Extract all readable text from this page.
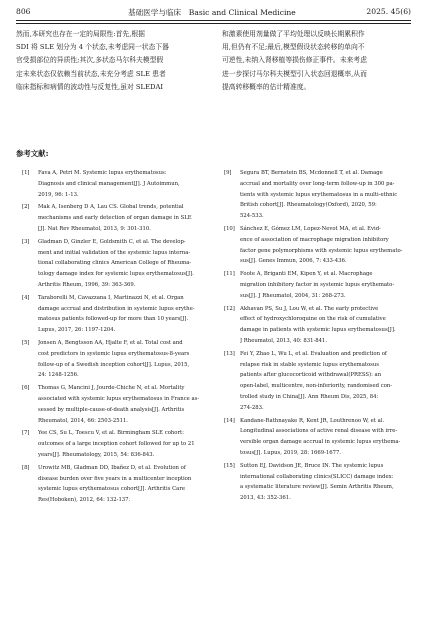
806	基础医学与临床　Basic and Clinical Medicine	2025. 45(6)
然而,本研究也存在一定的局限性:首先,根据
SDI 将 SLE 划分为 4 个状态,未考虑同一状态下器
官受损部位的异质性;其次,多状态马尔科夫模型假
定未来状态仅依赖当前状态,未充分考虑 SLE 患者
临床指标和病情的波动性与反复性,虽对 SLEDAI
和激素使用剂量做了平均处理以反映长期累积作
用,但仍有不足;最后,模型假设状态转移的单向不
可逆性,未纳入肾移植等损伤修正事件。未来考虑
进一步探讨马尔科夫模型引入状态回退概率,从而
提高转移概率的估计精准度。
参考文献:
[1] Fava A, Petri M. Systemic lupus erythematosus:
Diagnosis and clinical management[J]. J Autoimmun,
2019, 96: 1-13.
[2] Mak A, Isenberg D A, Lau CS. Global trends, potential
mechanisms and early detection of organ damage in SLE
[J]. Nat Rev Rheumatol, 2013, 9: 301-310.
[3] Gladman D, Ginzler E, Goldsmith C, et al. The develop-
ment and initial validation of the systemic lupus interna-
tional collaborating clinics American College of Rheuma-
tology damage index for systemic lupus erythematosus[J].
Arthritis Rheum, 1996, 39: 363-369.
[4] Taraborelli M, Cavazzana I, Martinazzi N, et al. Organ
damage accrual and distribution in systemic lupus erythe-
matosus patients followed-up for more than 10 years[J].
Lupus, 2017, 26: 1197-1204.
[5] Jonsen A, Bengtsson AA, Hjalte F, et al. Total cost and
cost predictors in systemic lupus erythematosus-8-years
follow-up of a Swedish inception cohort[J]. Lupus, 2015,
24: 1248-1256.
[6] Thomas G, Mancini J, Jourde-Chiche N, et al. Mortality
associated with systemic lupus erythematosus in France as-
sessed by multiple-cause-of-death analysis[J]. Arthritis
Rheumatol, 2014, 66: 2503-2511.
[7] Yee CS, Su L, Toescu V, et al. Birmingham SLE cohort:
outcomes of a large inception cohort followed for up to 21
years[J]. Rheumatology, 2015, 54: 836-843.
[8] Urowitz MB, Gladman DD, Ibañez D, et al. Evolution of
disease burden over five years in a multicenter inception
systemic lupus erythematosus cohort[J]. Arthritis Care
Res(Hoboken), 2012, 64: 132-137.
[9] Segura BT, Bernstein BS, Mcdonnell T, et al. Damage
accrual and mortality over long-term follow-up in 300 pa-
tients with systemic lupus erythematosus in a multi-ethnic
British cohort[J]. Rheumatology(Oxford), 2020, 59:
524-533.
[10] Sánchez E, Gómez LM, Lopez-Nevot MA, et al. Evid-
ence of association of macrophage migration inhibitory
factor gene polymorphisms with systemic lupus erythemato-
sus[J]. Genes Immun, 2006, 7: 433-436.
[11] Foote A, Briganti EM, Kipen Y, et al. Macrophage
migration inhibitory factor in systemic lupus erythemato-
sus[J]. J Rheumatol, 2004, 31: 268-273.
[12] Akhavan PS, Su J, Lou W, et al. The early protective
effect of hydroxychloroquine on the risk of cumulative
damage in patients with systemic lupus erythematosus[J].
J Rheumatol, 2013, 40: 831-841.
[13] Fei Y, Zhao L, Wu L, et al. Evaluation and prediction of
relapse risk in stable systemic lupus erythematosus
patients after glucocorticoid withdrawal(PRESS): an
open-label, multicentre, non-inferiority, randomised con-
trolled study in China[J]. Ann Rheum Dis, 2025, 84:
274-283.
[14] Kandane-Rathnayake R, Kent JR, Louthrenoo W, et al.
Longitudinal associations of active renal disease with irre-
versible organ damage accrual in systemic lupus erythema-
tosus[J]. Lupus, 2019, 28: 1669-1677.
[15] Sutton EJ, Davidson JE, Bruce IN. The systemic lupus
international collaborating clinics(SLICC) damage index:
a systematic literature review[J]. Semin Arthritis Rheum,
2013, 43: 352-361.
